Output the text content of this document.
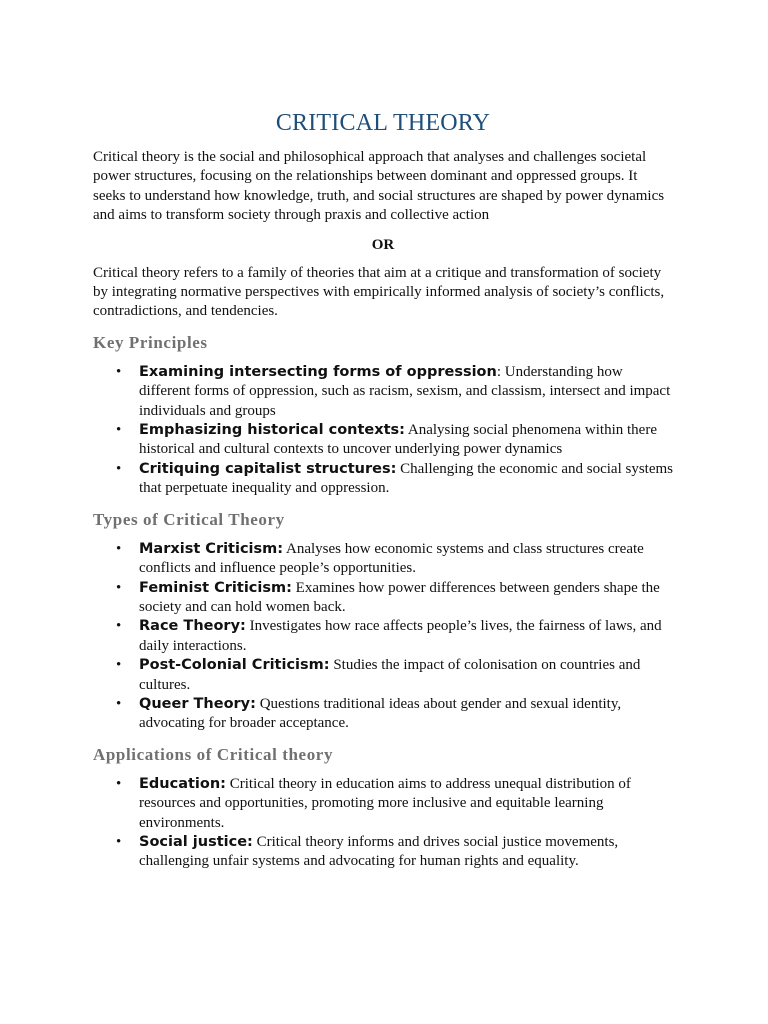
CRITICAL THEORY

Critical theory is the social and philosophical approach that analyses and challenges societal power structures, focusing on the relationships between dominant and oppressed groups. It seeks to understand how knowledge, truth, and social structures are shaped by power dynamics and aims to transform society through praxis and collective action

OR

Critical theory refers to a family of theories that aim at a critique and transformation of society by integrating normative perspectives with empirically informed analysis of society’s conflicts, contradictions, and tendencies.

Key Principles
• Examining intersecting forms of oppression: Understanding how different forms of oppression, such as racism, sexism, and classism, intersect and impact individuals and groups
• Emphasizing historical contexts: Analysing social phenomena within there historical and cultural contexts to uncover underlying power dynamics
• Critiquing capitalist structures: Challenging the economic and social systems that perpetuate inequality and oppression.
Types of Critical Theory
• Marxist Criticism: Analyses how economic systems and class structures create conflicts and influence people’s opportunities.
• Feminist Criticism: Examines how power differences between genders shape the society and can hold women back.
• Race Theory: Investigates how race affects people’s lives, the fairness of laws, and daily interactions.
• Post-Colonial Criticism: Studies the impact of colonisation on countries and cultures.
• Queer Theory: Questions traditional ideas about gender and sexual identity, advocating for broader acceptance.
Applications of Critical theory
• Education: Critical theory in education aims to address unequal distribution of resources and opportunities, promoting more inclusive and equitable learning environments.
• Social justice: Critical theory informs and drives social justice movements, challenging unfair systems and advocating for human rights and equality.
